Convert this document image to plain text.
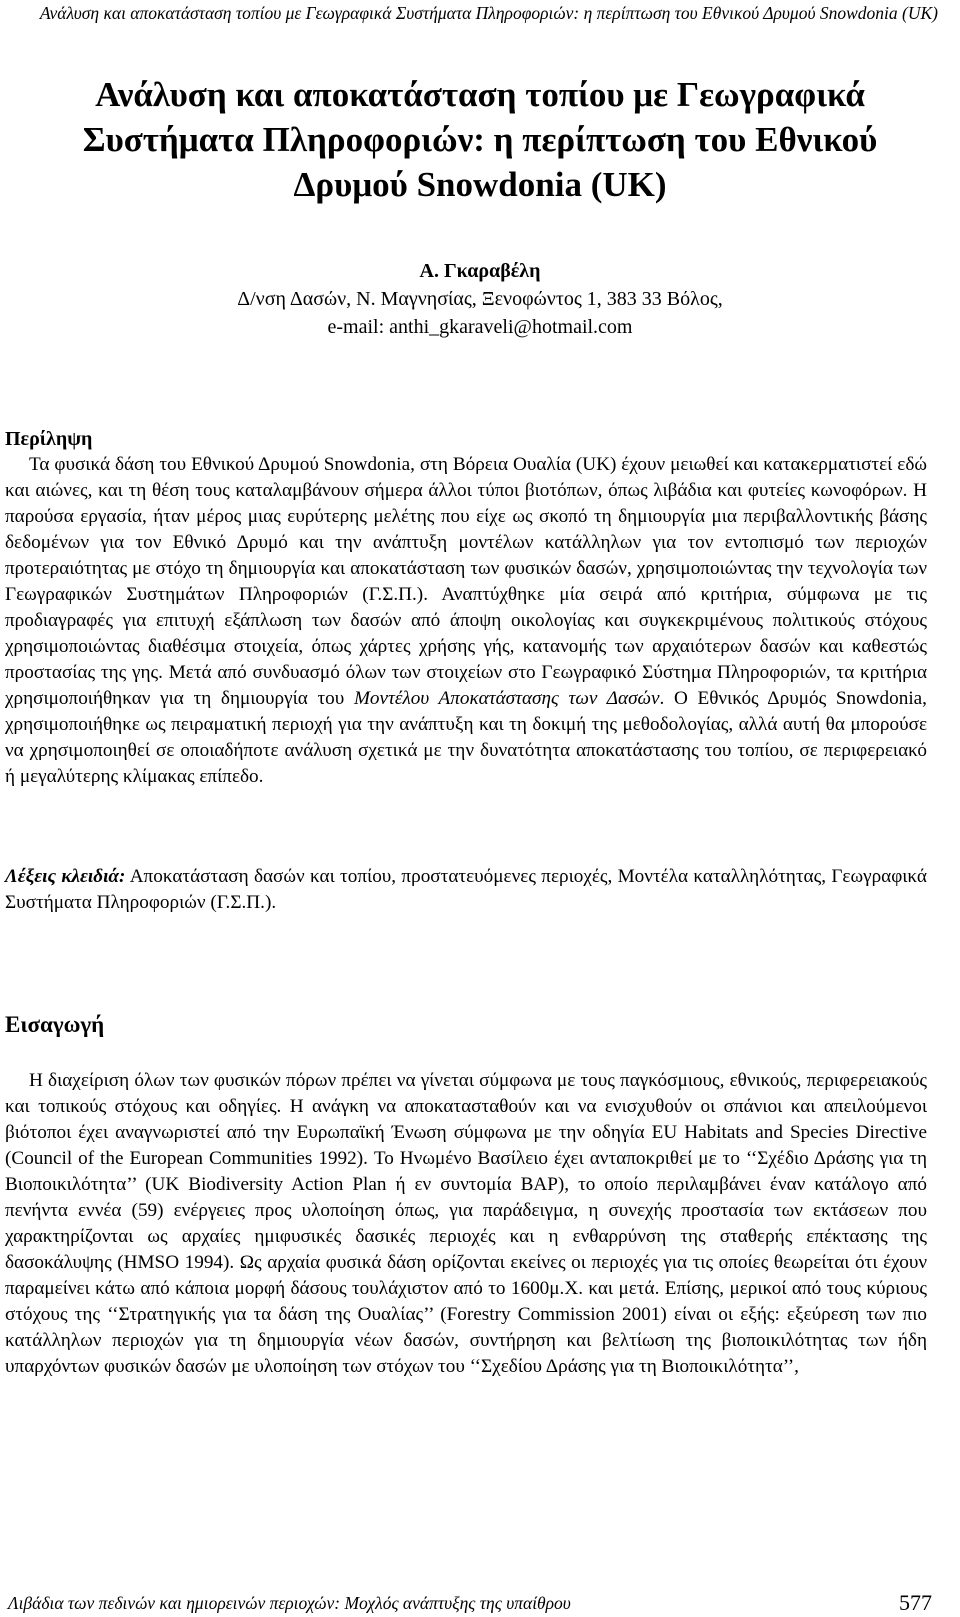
Ανάλυση και αποκατάσταση τοπίου με Γεωγραφικά Συστήματα Πληροφοριών: η περίπτωση του Εθνικού Δρυμού Snowdonia (UK)
Ανάλυση και αποκατάσταση τοπίου με Γεωγραφικά
Συστήματα Πληροφοριών: η περίπτωση του Εθνικού
Δρυμού Snowdonia (UK)
Α. Γκαραβέλη
Δ/νση Δασών, Ν. Μαγνησίας, Ξενοφώντος 1, 383 33 Βόλος,
e-mail: anthi_gkaraveli@hotmail.com
Περίληψη

Τα φυσικά δάση του Εθνικού Δρυμού Snowdonia, στη Βόρεια Ουαλία (UK) έχουν μειωθεί και κατακερματιστεί εδώ και αιώνες, και τη θέση τους καταλαμβάνουν σήμερα άλλοι τύποι βιοτόπων, όπως λιβάδια και φυτείες κωνοφόρων. Η παρούσα εργασία, ήταν μέρος μιας ευρύτερης μελέτης που είχε ως σκοπό τη δημιουργία μια περιβαλλοντικής βάσης δεδομένων για τον Εθνικό Δρυμό και την ανάπτυξη μοντέλων κατάλληλων για τον εντοπισμό των περιοχών προτεραιότητας με στόχο τη δημιουργία και αποκατάσταση των φυσικών δασών, χρησιμοποιώντας την τεχνολογία των Γεωγραφικών Συστημάτων Πληροφοριών (Γ.Σ.Π.). Αναπτύχθηκε μία σειρά από κριτήρια, σύμφωνα με τις προδιαγραφές για επιτυχή εξάπλωση των δασών από άποψη οικολογίας και συγκεκριμένους πολιτικούς στόχους χρησιμοποιώντας διαθέσιμα στοιχεία, όπως χάρτες χρήσης γής, κατανομής των αρχαιότερων δασών και καθεστώς προστασίας της γης. Μετά από συνδυασμό όλων των στοιχείων στο Γεωγραφικό Σύστημα Πληροφοριών, τα κριτήρια χρησιμοποιήθηκαν για τη δημιουργία του Μοντέλου Αποκατάστασης των Δασών. Ο Εθνικός Δρυμός Snowdonia, χρησιμοποιήθηκε ως πειραματική περιοχή για την ανάπτυξη και τη δοκιμή της μεθοδολογίας, αλλά αυτή θα μπορούσε να χρησιμοποιηθεί σε οποιαδήποτε ανάλυση σχετικά με την δυνατότητα αποκατάστασης του τοπίου, σε περιφερειακό ή μεγαλύτερης κλίμακας επίπεδο.

Λέξεις κλειδιά: Αποκατάσταση δασών και τοπίου, προστατευόμενες περιοχές, Μοντέλα καταλληλότητας, Γεωγραφικά Συστήματα Πληροφοριών (Γ.Σ.Π.).

Εισαγωγή

Η διαχείριση όλων των φυσικών πόρων πρέπει να γίνεται σύμφωνα με τους παγκόσμιους, εθνικούς, περιφερειακούς και τοπικούς στόχους και οδηγίες. Η ανάγκη να αποκατασταθούν και να ενισχυθούν οι σπάνιοι και απειλούμενοι βιότοποι έχει αναγνωριστεί από την Ευρωπαϊκή Ένωση σύμφωνα με την οδηγία EU Habitats and Species Directive (Council of the European Communities 1992). Το Ηνωμένο Βασίλειο έχει ανταποκριθεί με το ‘‘Σχέδιο Δράσης για τη Βιοποικιλότητα’’ (UK Biodiversity Action Plan ή εν συντομία BAP), το οποίο περιλαμβάνει έναν κατάλογο από πενήντα εννέα (59) ενέργειες προς υλοποίηση όπως, για παράδειγμα, η συνεχής προστασία των εκτάσεων που χαρακτηρίζονται ως αρχαίες ημιφυσικές δασικές περιοχές και η ενθαρρύνση της σταθερής επέκτασης της δασοκάλυψης (HMSO 1994). Ως αρχαία φυσικά δάση ορίζονται εκείνες οι περιοχές για τις οποίες θεωρείται ότι έχουν παραμείνει κάτω από κάποια μορφή δάσους τουλάχιστον από το 1600μ.Χ. και μετά. Επίσης, μερικοί από τους κύριους στόχους της ‘‘Στρατηγικής για τα δάση της Ουαλίας’’ (Forestry Commission 2001) είναι οι εξής: εξεύρεση των πιο κατάλληλων περιοχών για τη δημιουργία νέων δασών, συντήρηση και βελτίωση της βιοποικιλότητας των ήδη υπαρχόντων φυσικών δασών με υλοποίηση των στόχων του ‘‘Σχεδίου Δράσης για τη Βιοποικιλότητα’’,

Λιβάδια των πεδινών και ημιορεινών περιοχών: Μοχλός ανάπτυξης της υπαίθρου	577
